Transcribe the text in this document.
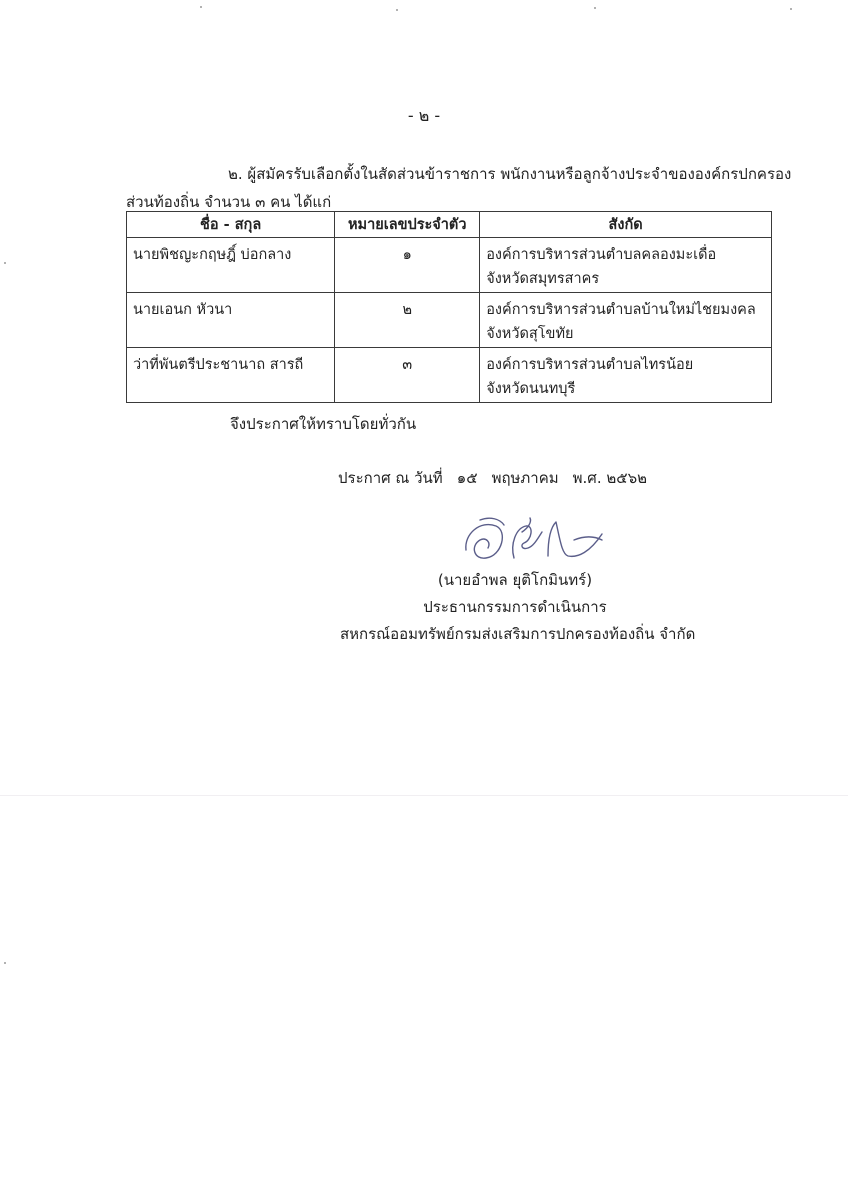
- ๒ -
๒. ผู้สมัครรับเลือกตั้งในสัดส่วนข้าราชการ พนักงานหรือลูกจ้างประจำขององค์กรปกครอง
ส่วนท้องถิ่น จำนวน ๓ คน ได้แก่
ชื่อ - สกุล	หมายเลขประจำตัว	สังกัด
นายพิชญะกฤษฎิ์ บ่อกลาง	๑	องค์การบริหารส่วนตำบลคลองมะเดื่อ
จังหวัดสมุทรสาคร

นายเอนก หัวนา	๒	องค์การบริหารส่วนตำบลบ้านใหม่ไชยมงคล
จังหวัดสุโขทัย

ว่าที่พันตรีประชานาถ สารถี	๓	องค์การบริหารส่วนตำบลไทรน้อย
จังหวัดนนทบุรี
จึงประกาศให้ทราบโดยทั่วกัน
ประกาศ ณ วันที่ ๑๕ พฤษภาคม พ.ศ. ๒๕๖๒
(นายอำพล ยุติโกมินทร์)
ประธานกรรมการดำเนินการ
สหกรณ์ออมทรัพย์กรมส่งเสริมการปกครองท้องถิ่น จำกัด
